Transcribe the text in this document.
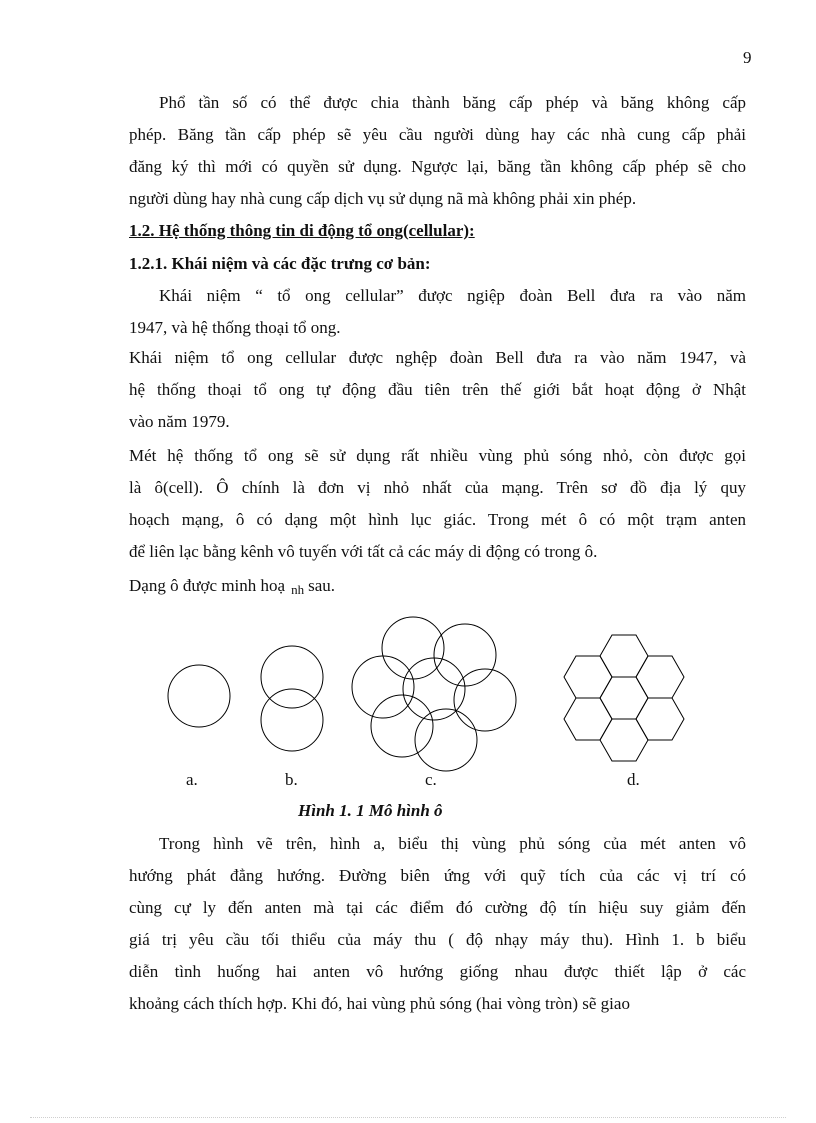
9
Phổ tần số có thể được chia thành băng cấp phép và băng không cấp
phép. Băng tần cấp phép sẽ yêu cầu người dùng hay các nhà cung cấp phải
đăng ký thì mới có quyền sử dụng. Ngược lại, băng tần không cấp phép sẽ cho
người dùng hay nhà cung cấp dịch vụ sử dụng nã mà không phải xin phép.
1.2. Hệ thống thông tin di động tổ ong(cellular):
1.2.1. Khái niệm và các đặc trưng cơ bản:
Khái niệm “ tổ ong cellular” được ngiệp đoàn Bell đưa ra vào năm
1947, và hệ thống thoại tổ ong.
Khái niệm tổ ong cellular được nghệp đoàn Bell đưa ra vào năm 1947, và
hệ thống thoại tổ ong tự động đầu tiên trên thế giới bắt hoạt động ở Nhật
vào năm 1979.
Mét hệ thống tổ ong sẽ sử dụng rất nhiều vùng phủ sóng nhỏ, còn được gọi
là ô(cell). Ô chính là đơn vị nhỏ nhất của mạng. Trên sơ đồ địa lý quy
hoạch mạng, ô có dạng một hình lục giác. Trong mét ô có một trạm anten
để liên lạc bằng kênh vô tuyến với tất cả các máy di động có trong ô.
Dạng ô được minh hoạ nh sau.
a.	b.	c.	d.
Hình 1. 1 Mô hình ô
Trong hình vẽ trên, hình a, biểu thị vùng phủ sóng của mét anten vô
hướng phát đẳng hướng. Đường biên ứng với quỹ tích của các vị trí có
cùng cự ly đến anten mà tại các điểm đó cường độ tín hiệu suy giảm đến
giá trị yêu cầu tối thiểu của máy thu ( độ nhạy máy thu). Hình 1. b biểu
diễn tình huống hai anten vô hướng giống nhau được thiết lập ở các
khoảng cách thích hợp. Khi đó, hai vùng phủ sóng (hai vòng tròn) sẽ giao
